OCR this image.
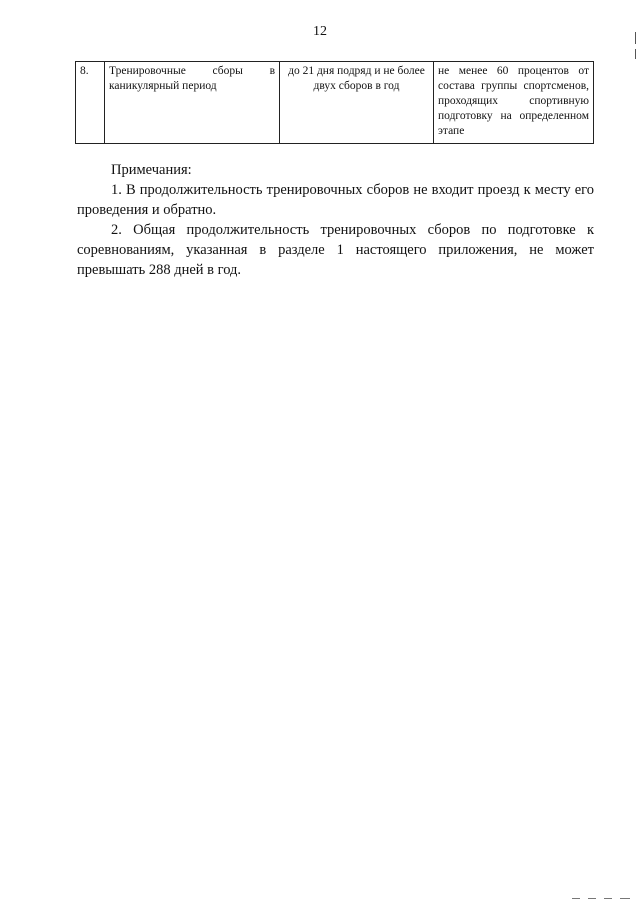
12
8.	Тренировочные сборы в каникулярный период	до 21 дня подряд и не более двух сборов в год	не менее 60 процентов от состава группы спортсменов, проходящих спортивную подготовку на определенном этапе

Примечания:

1. В продолжительность тренировочных сборов не входит проезд к месту его проведения и обратно.

2. Общая продолжительность тренировочных сборов по подготовке к соревнованиям, указанная в разделе 1 настоящего приложения, не может превышать 288 дней в год.
